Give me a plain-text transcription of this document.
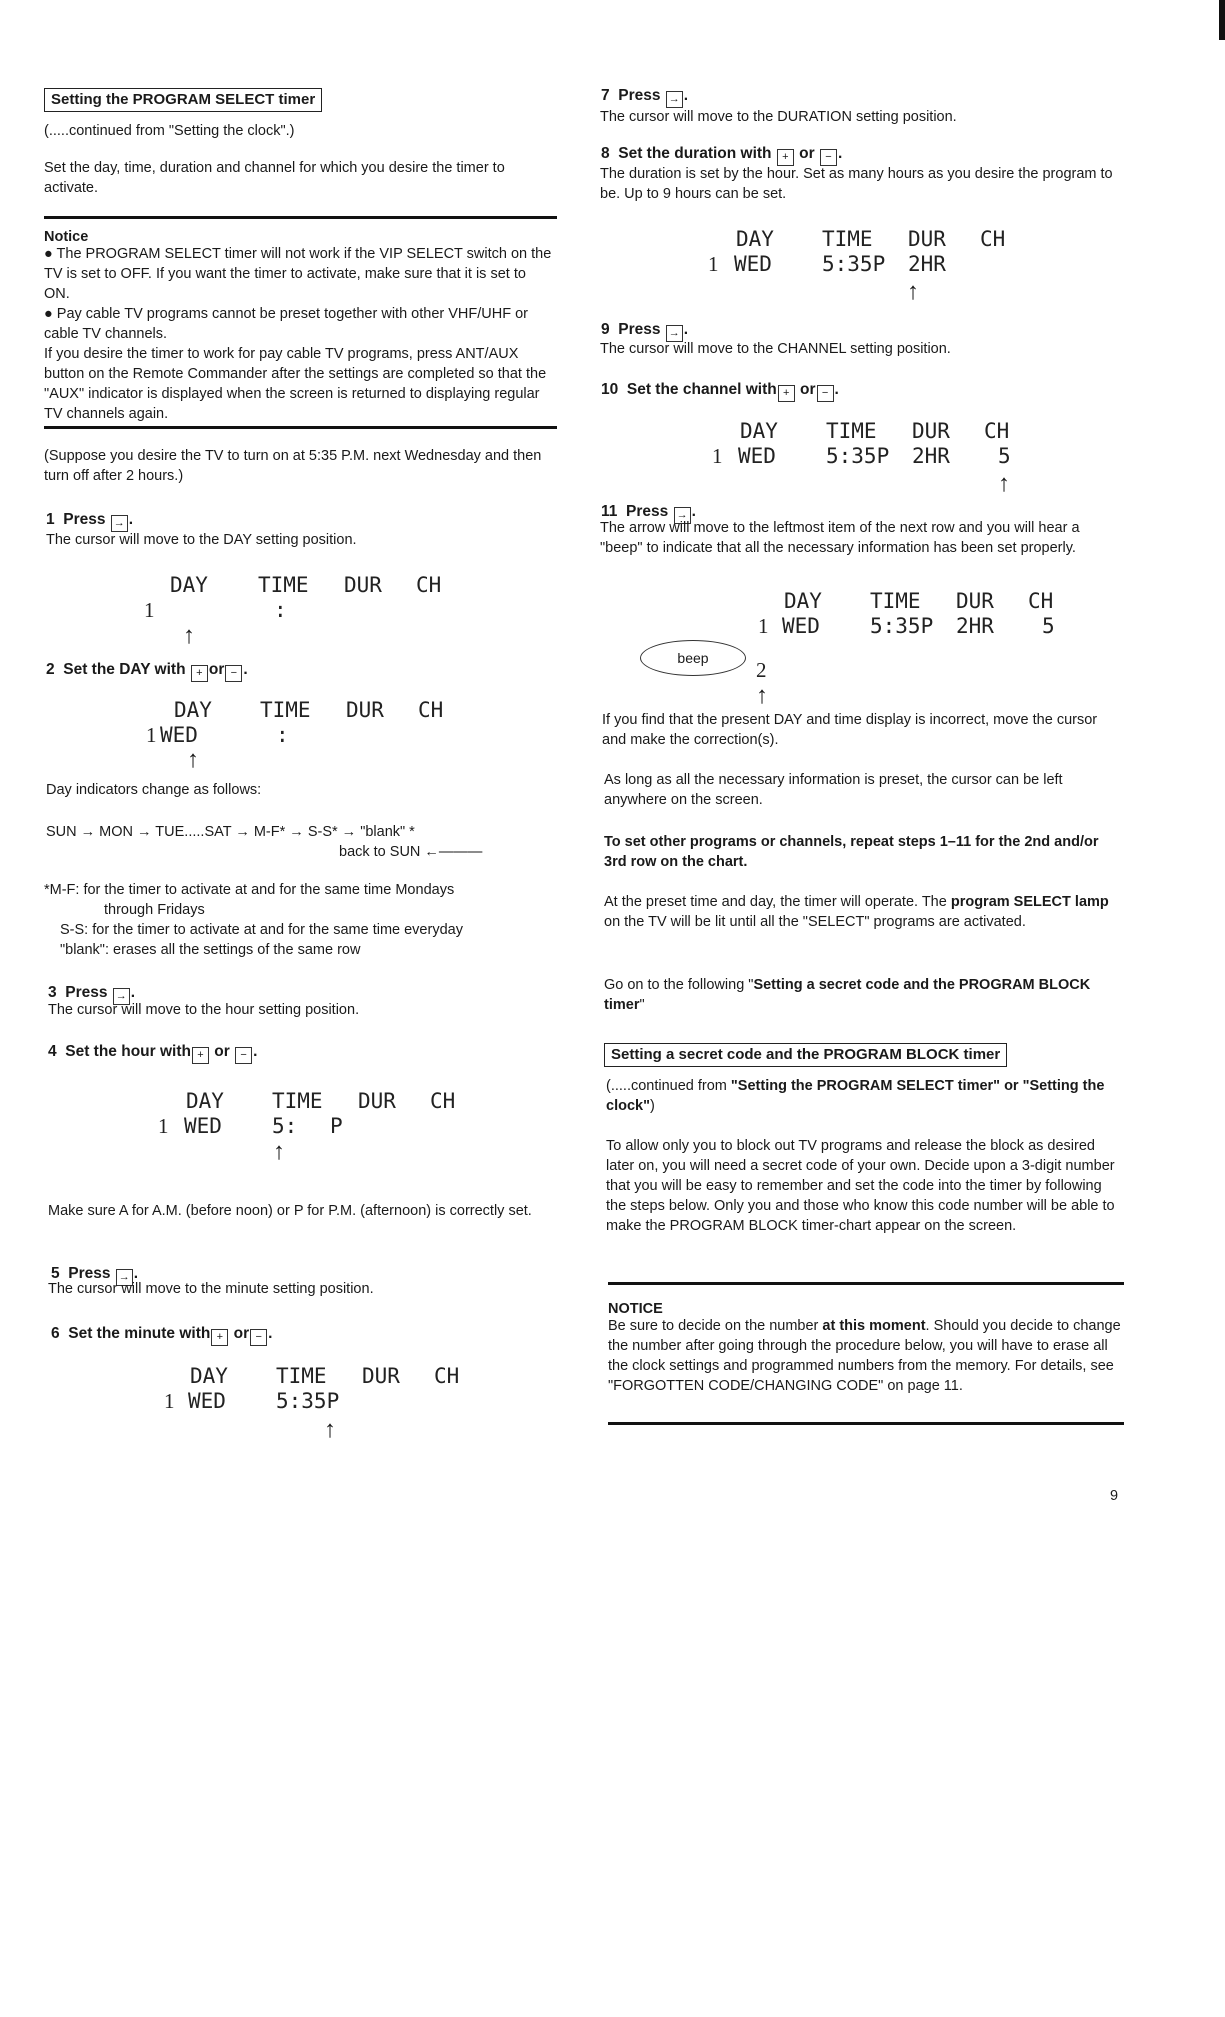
Setting the PROGRAM SELECT timer

(.....continued from "Setting the clock".)

Set the day, time, duration and channel for which you desire the timer to activate.

Notice

● The PROGRAM SELECT timer will not work if the VIP SELECT switch on the TV is set to OFF. If you want the timer to activate, make sure that it is set to ON.

● Pay cable TV programs cannot be preset together with other VHF/UHF or cable TV channels.

If you desire the timer to work for pay cable TV programs, press ANT/AUX button on the Remote Commander after the settings are completed so that the "AUX" indicator is displayed when the screen is returned to displaying regular TV channels again.

(Suppose you desire the TV to turn on at 5:35 P.M. next Wednesday and then turn off after 2 hours.)

1 Press → .

The cursor will move to the DAY setting position.

DAY TIME DUR CH
1	:
↑

2 Set the DAY with + or − .

DAY TIME DUR CH
1 WED	:
↑

Day indicators change as follows:

SUN → MON → TUE.....SAT → M-F* → S-S* → "blank" *

back to SUN ←———

*M-F: for the timer to activate at and for the same time Mondays

through Fridays

S-S: for the timer to activate at and for the same time everyday

"blank": erases all the settings of the same row

3 Press → .

The cursor will move to the hour setting position.

4 Set the hour with + or − .

DAY TIME DUR CH
1 WED 5: P
↑

Make sure A for A.M. (before noon) or P for P.M. (afternoon) is correctly set.

5 Press → .

The cursor will move to the minute setting position.

6 Set the minute with + or − .

DAY TIME DUR CH
1 WED 5:35P
↑

7 Press → .

The cursor will move to the DURATION setting position.

8 Set the duration with + or − .

The duration is set by the hour. Set as many hours as you desire the program to be. Up to 9 hours can be set.

DAY TIME DUR CH
1 WED 5:35P 2HR
↑

9 Press → .

The cursor will move to the CHANNEL setting position.

10 Set the channel with + or − .

DAY TIME DUR CH
1 WED 5:35P 2HR 5
↑

11 Press → .

The arrow will move to the leftmost item of the next row and you will hear a "beep" to indicate that all the necessary information has been set properly.

DAY TIME DUR CH
1 WED 5:35P 2HR 5
beep	2
↑

If you find that the present DAY and time display is incorrect, move the cursor and make the correction(s).

As long as all the necessary information is preset, the cursor can be left anywhere on the screen.

To set other programs or channels, repeat steps 1–11 for the 2nd and/or 3rd row on the chart.

At the preset time and day, the timer will operate. The program SELECT lamp on the TV will be lit until all the "SELECT" programs are activated.

Go on to the following "Setting a secret code and the PROGRAM BLOCK timer"

Setting a secret code and the PROGRAM BLOCK timer

(.....continued from "Setting the PROGRAM SELECT timer" or "Setting the clock")

To allow only you to block out TV programs and release the block as desired later on, you will need a secret code of your own. Decide upon a 3-digit number that you will be easy to remember and set the code into the timer by following the steps below. Only you and those who know this code number will be able to make the PROGRAM BLOCK timer-chart appear on the screen.

NOTICE

Be sure to decide on the number at this moment. Should you decide to change the number after going through the procedure below, you will have to erase all the clock settings and programmed numbers from the memory. For details, see "FORGOTTEN CODE/CHANGING CODE" on page 11.

9
